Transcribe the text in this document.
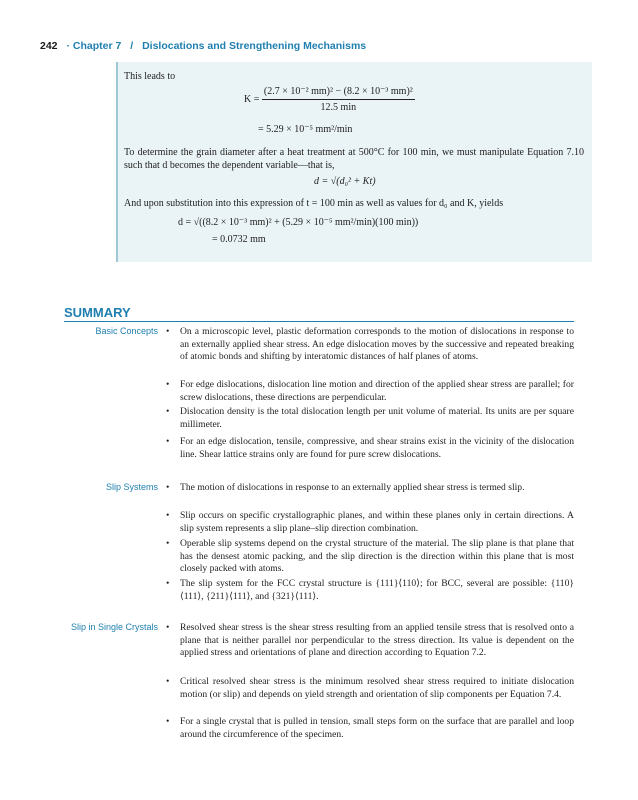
242 · Chapter 7 / Dislocations and Strengthening Mechanisms
This leads to
$K = \frac{\text{(2.7 × 10⁻² mm)² − (8.2 × 10⁻³ mm)²}}{12.5 \min}$
= 5.29 × 10⁻⁵ mm²/min
To determine the grain diameter after a heat treatment at 500°C for 100 min, we must manipulate Equation 7.10 such that d becomes the dependent variable—that is,
d = √(d₀² + Kt)
And upon substitution into this expression of t = 100 min as well as values for d₀ and K, yields
d = √((8.2 × 10⁻³ mm)² + (5.29 × 10⁻⁵ mm²/min)(100 min))
= 0.0732 mm
SUMMARY
Basic Concepts • On a microscopic level, plastic deformation corresponds to the motion of dislocations in response to an externally applied shear stress. An edge dislocation moves by the successive and repeated breaking of atomic bonds and shifting by interatomic distances of half planes of atoms.
• For edge dislocations, dislocation line motion and direction of the applied shear stress are parallel; for screw dislocations, these directions are perpendicular.
• Dislocation density is the total dislocation length per unit volume of material. Its units are per square millimeter.
• For an edge dislocation, tensile, compressive, and shear strains exist in the vicinity of the dislocation line. Shear lattice strains only are found for pure screw dislocations.
Slip Systems • The motion of dislocations in response to an externally applied shear stress is termed slip.
• Slip occurs on specific crystallographic planes, and within these planes only in certain directions. A slip system represents a slip plane–slip direction combination.
• Operable slip systems depend on the crystal structure of the material. The slip plane is that plane that has the densest atomic packing, and the slip direction is the direction within this plane that is most closely packed with atoms.
• The slip system for the FCC crystal structure is {111}⟨110⟩; for BCC, several are possible: {110}⟨111⟩, {211}⟨111⟩, and {321}⟨111⟩.
Slip in Single Crystals • Resolved shear stress is the shear stress resulting from an applied tensile stress that is resolved onto a plane that is neither parallel nor perpendicular to the stress direction. Its value is dependent on the applied stress and orientations of plane and direction according to Equation 7.2.
• Critical resolved shear stress is the minimum resolved shear stress required to initiate dislocation motion (or slip) and depends on yield strength and orientation of slip components per Equation 7.4.
• For a single crystal that is pulled in tension, small steps form on the surface that are parallel and loop around the circumference of the specimen.
